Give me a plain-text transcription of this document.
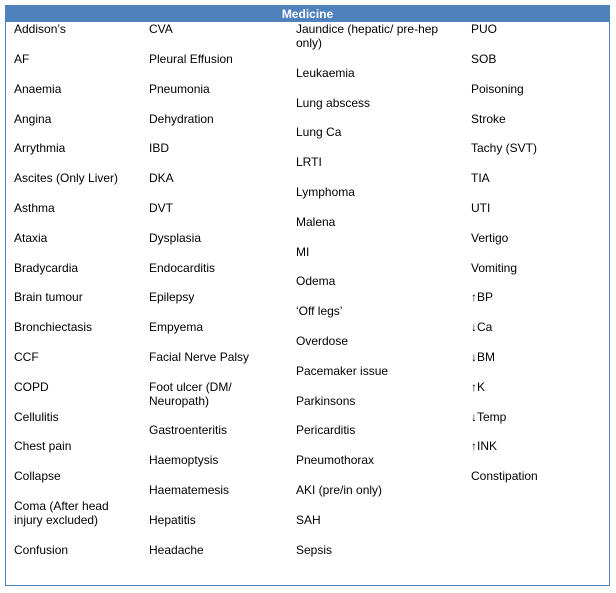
Medicine
Addison’s
AF
Anaemia
Angina
Arrythmia
Ascites (Only Liver)
Asthma
Ataxia
Bradycardia
Brain tumour
Bronchiectasis
CCF
COPD
Cellulitis
Chest pain
Collapse
Coma (After head injury excluded)
Confusion
CVA
Pleural Effusion
Pneumonia
Dehydration
IBD
DKA
DVT
Dysplasia
Endocarditis
Epilepsy
Empyema
Facial Nerve Palsy
Foot ulcer (DM/ Neuropath)
Gastroenteritis
Haemoptysis
Haematemesis
Hepatitis
Headache
Jaundice (hepatic/ pre-hep only)
Leukaemia
Lung abscess
Lung Ca
LRTI
Lymphoma
Malena
MI
Odema
‘Off legs’
Overdose
Pacemaker issue
Parkinsons
Pericarditis
Pneumothorax
AKI (pre/in only)
SAH
Sepsis
PUO
SOB
Poisoning
Stroke
Tachy (SVT)
TIA
UTI
Vertigo
Vomiting
↑BP
↓Ca
↓BM
↑K
↓Temp
↑INK
Constipation
